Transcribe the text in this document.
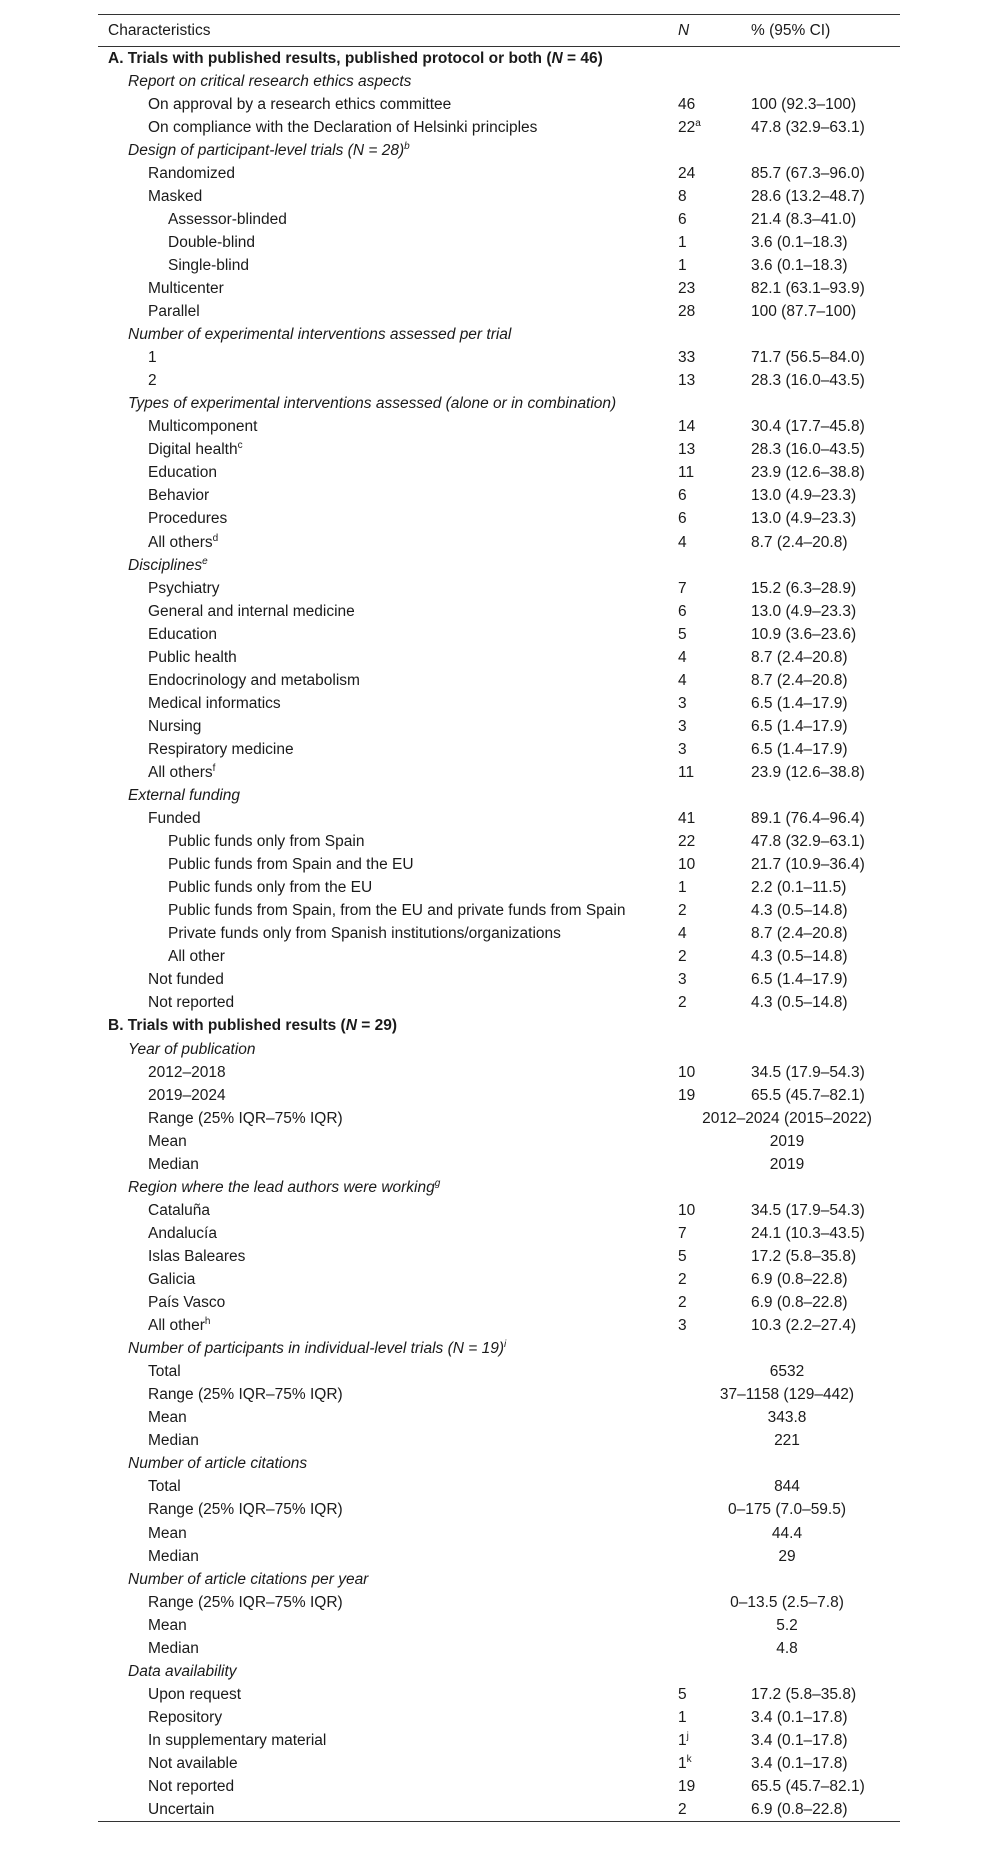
Characteristics	N	% (95% CI)
A. Trials with published results, published protocol or both (N = 46)		
Report on critical research ethics aspects		
On approval by a research ethics committee	46	100 (92.3–100)
On compliance with the Declaration of Helsinki principles	22$^a$	47.8 (32.9–63.1)
Design of participant-level trials (N = 28)$^b$		
Randomized	24	85.7 (67.3–96.0)
Masked	8	28.6 (13.2–48.7)
Assessor-blinded	6	21.4 (8.3–41.0)
Double-blind	1	3.6 (0.1–18.3)
Single-blind	1	3.6 (0.1–18.3)
Multicenter	23	82.1 (63.1–93.9)
Parallel	28	100 (87.7–100)
Number of experimental interventions assessed per trial		
1	33	71.7 (56.5–84.0)
2	13	28.3 (16.0–43.5)
Types of experimental interventions assessed (alone or in combination)		
Multicomponent	14	30.4 (17.7–45.8)
Digital health$^c$	13	28.3 (16.0–43.5)
Education	11	23.9 (12.6–38.8)
Behavior	6	13.0 (4.9–23.3)
Procedures	6	13.0 (4.9–23.3)
All others$^d$	4	8.7 (2.4–20.8)
Disciplines$^e$		
Psychiatry	7	15.2 (6.3–28.9)
General and internal medicine	6	13.0 (4.9–23.3)
Education	5	10.9 (3.6–23.6)
Public health	4	8.7 (2.4–20.8)
Endocrinology and metabolism	4	8.7 (2.4–20.8)
Medical informatics	3	6.5 (1.4–17.9)
Nursing	3	6.5 (1.4–17.9)
Respiratory medicine	3	6.5 (1.4–17.9)
All others$^f$	11	23.9 (12.6–38.8)
External funding		
Funded	41	89.1 (76.4–96.4)
Public funds only from Spain	22	47.8 (32.9–63.1)
Public funds from Spain and the EU	10	21.7 (10.9–36.4)
Public funds only from the EU	1	2.2 (0.1–11.5)
Public funds from Spain, from the EU and private funds from Spain	2	4.3 (0.5–14.8)
Private funds only from Spanish institutions/organizations	4	8.7 (2.4–20.8)
All other	2	4.3 (0.5–14.8)
Not funded	3	6.5 (1.4–17.9)
Not reported	2	4.3 (0.5–14.8)
B. Trials with published results (N = 29)		
Year of publication		
2012–2018	10	34.5 (17.9–54.3)
2019–2024	19	65.5 (45.7–82.1)
Range (25% IQR–75% IQR)	2012–2024 (2015–2022)	
Mean	2019	
Median	2019	
Region where the lead authors were working$^g$		
Cataluña	10	34.5 (17.9–54.3)
Andalucía	7	24.1 (10.3–43.5)
Islas Baleares	5	17.2 (5.8–35.8)
Galicia	2	6.9 (0.8–22.8)
País Vasco	2	6.9 (0.8–22.8)
All other$^h$	3	10.3 (2.2–27.4)
Number of participants in individual-level trials (N = 19)$^i$		
Total	6532	
Range (25% IQR–75% IQR)	37–1158 (129–442)	
Mean	343.8	
Median	221	
Number of article citations		
Total	844	
Range (25% IQR–75% IQR)	0–175 (7.0–59.5)	
Mean	44.4	
Median	29	
Number of article citations per year		
Range (25% IQR–75% IQR)	0–13.5 (2.5–7.8)	
Mean	5.2	
Median	4.8	
Data availability		
Upon request	5	17.2 (5.8–35.8)
Repository	1	3.4 (0.1–17.8)
In supplementary material	1$^j$	3.4 (0.1–17.8)
Not available	1$^k$	3.4 (0.1–17.8)
Not reported	19	65.5 (45.7–82.1)
Uncertain	2	6.9 (0.8–22.8)
